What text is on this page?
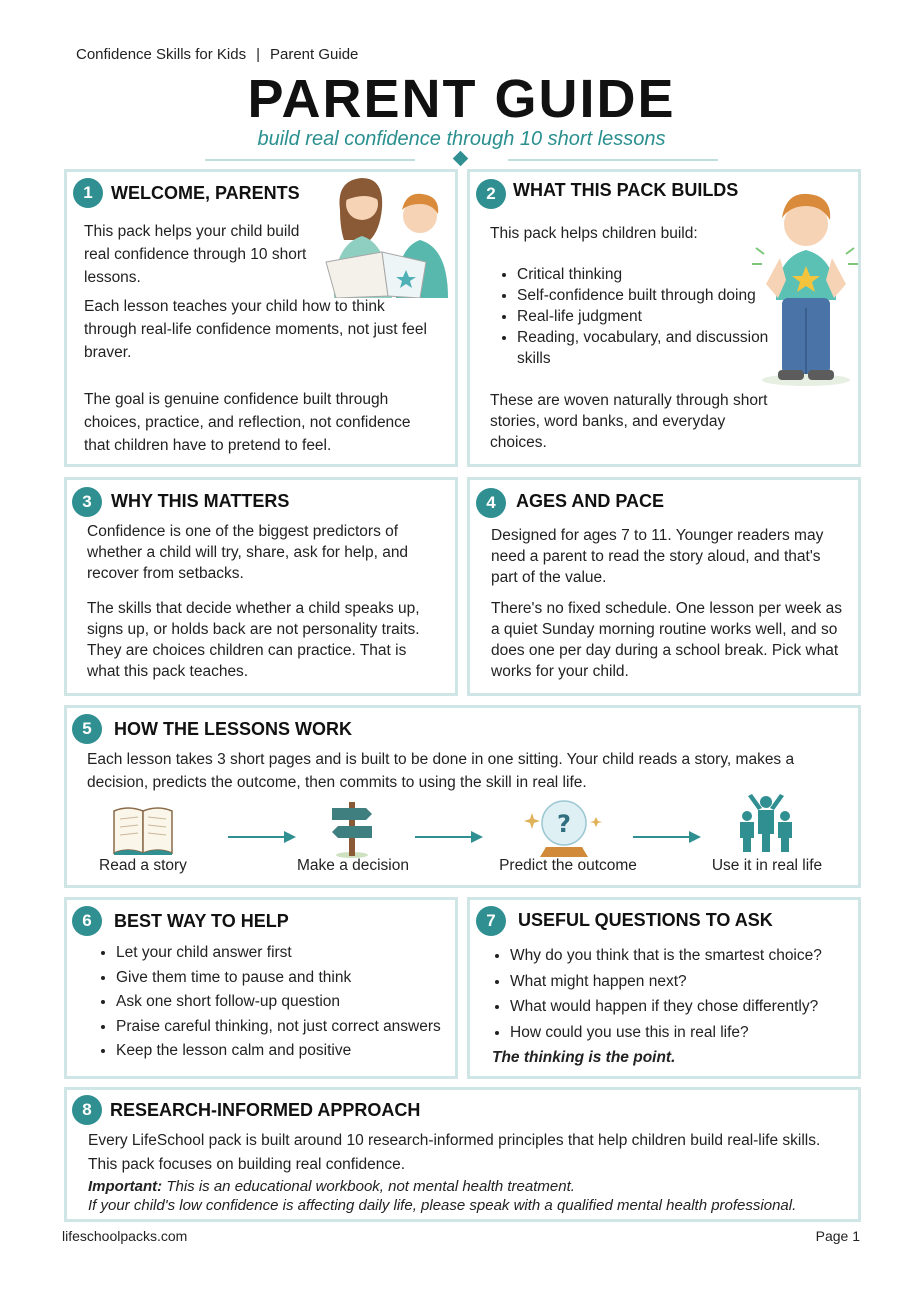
Confidence Skills for Kids | Parent Guide
PARENT GUIDE
build real confidence through 10 short lessons
1	WELCOME, PARENTS

This pack helps your child build real confidence through 10 short lessons.

Each lesson teaches your child how to think through real-life confidence moments, not just feel braver.

The goal is genuine confidence built through choices, practice, and reflection, not confidence that children have to pretend to feel.

2 WHAT THIS PACK BUILDS

This pack helps children build:

• Critical thinking
• Self-confidence built through doing
• Real-life judgment
• Reading, vocabulary, and discussion skills

These are woven naturally through short stories, word banks, and everyday choices.

3	WHY THIS MATTERS

Confidence is one of the biggest predictors of whether a child will try, share, ask for help, and recover from setbacks.

The skills that decide whether a child speaks up, signs up, or holds back are not personality traits. They are choices children can practice. That is what this pack teaches.

4	AGES AND PACE

Designed for ages 7 to 11. Younger readers may need a parent to read the story aloud, and that's part of the value.

There's no fixed schedule. One lesson per week as a quiet Sunday morning routine works well, and so does one per day during a school break. Pick what works for your child.

5	HOW THE LESSONS WORK

Each lesson takes 3 short pages and is built to be done in one sitting. Your child reads a story, makes a decision, predicts the outcome, then commits to using the skill in real life.

?
Read a story	Make a decision	Predict the outcome	Use it in real life
6	BEST WAY TO HELP
• Let your child answer first
• Give them time to pause and think
• Ask one short follow-up question
• Praise careful thinking, not just correct answers
• Keep the lesson calm and positive
7	USEFUL QUESTIONS TO ASK
• Why do you think that is the smartest choice?
• What might happen next?
• What would happen if they chose differently?
• How could you use this in real life?
The thinking is the point.
8	RESEARCH-INFORMED APPROACH

Every LifeSchool pack is built around 10 research-informed principles that help children build real-life skills. This pack focuses on building real confidence.

Important: This is an educational workbook, not mental health treatment.
If your child's low confidence is affecting daily life, please speak with a qualified mental health professional.
lifeschoolpacks.com	Page 1
